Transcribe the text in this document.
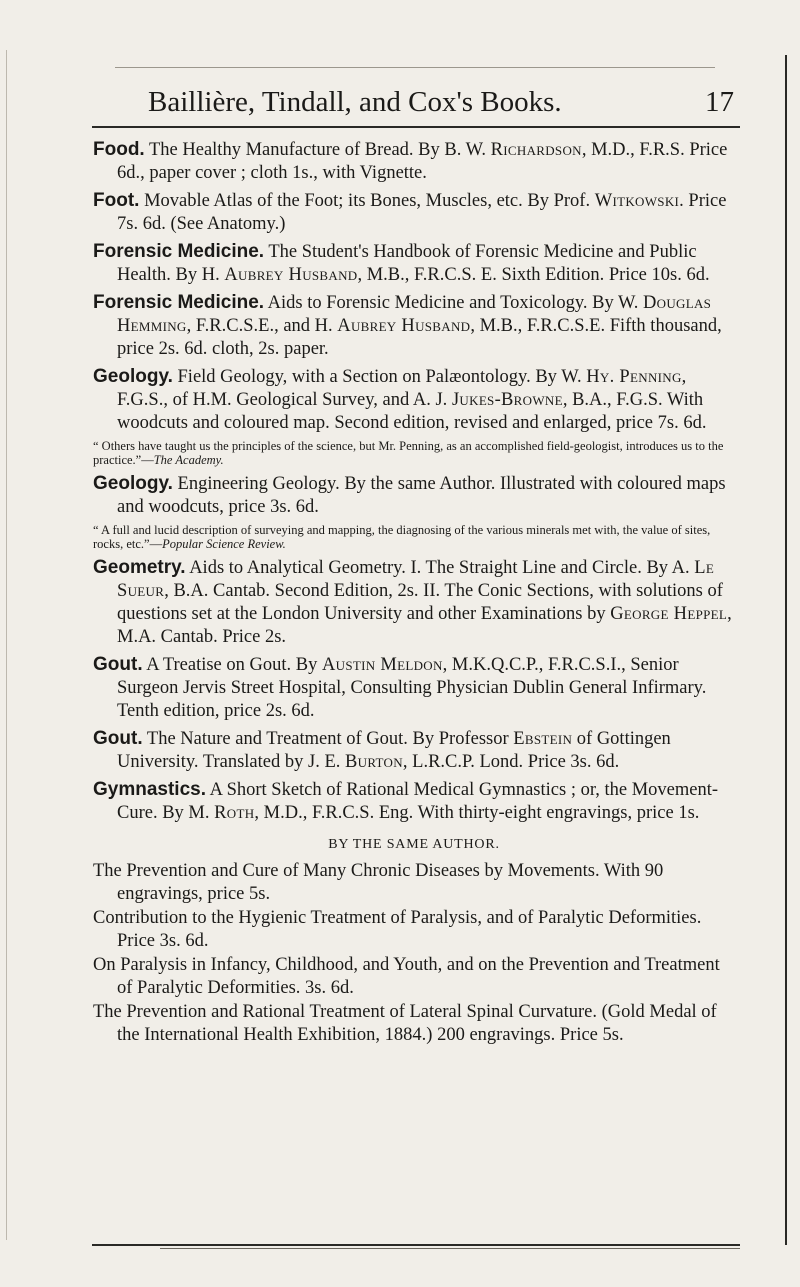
Baillière, Tindall, and Cox's Books.	17
Food. The Healthy Manufacture of Bread. By B. W. Richardson, M.D., F.R.S. Price 6d., paper cover ; cloth 1s., with Vignette.
Foot. Movable Atlas of the Foot; its Bones, Muscles, etc. By Prof. Witkowski. Price 7s. 6d. (See Anatomy.)
Forensic Medicine. The Student's Handbook of Forensic Medicine and Public Health. By H. Aubrey Husband, M.B., F.R.C.S. E. Sixth Edition. Price 10s. 6d.
Forensic Medicine. Aids to Forensic Medicine and Toxicology. By W. Douglas Hemming, F.R.C.S.E., and H. Aubrey Husband, M.B., F.R.C.S.E. Fifth thousand, price 2s. 6d. cloth, 2s. paper.
Geology. Field Geology, with a Section on Palæontology. By W. Hy. Penning, F.G.S., of H.M. Geological Survey, and A. J. Jukes-Browne, B.A., F.G.S. With woodcuts and coloured map. Second edition, revised and enlarged, price 7s. 6d.
“ Others have taught us the principles of the science, but Mr. Penning, as an accomplished field-geologist, introduces us to the practice.”—The Academy.
Geology. Engineering Geology. By the same Author. Illustrated with coloured maps and woodcuts, price 3s. 6d.
“ A full and lucid description of surveying and mapping, the diagnosing of the various minerals met with, the value of sites, rocks, etc.”—Popular Science Review.
Geometry. Aids to Analytical Geometry. I. The Straight Line and Circle. By A. Le Sueur, B.A. Cantab. Second Edition, 2s. II. The Conic Sections, with solutions of questions set at the London University and other Examinations by George Heppel, M.A. Cantab. Price 2s.
Gout. A Treatise on Gout. By Austin Meldon, M.K.Q.C.P., F.R.C.S.I., Senior Surgeon Jervis Street Hospital, Consulting Physician Dublin General Infirmary. Tenth edition, price 2s. 6d.
Gout. The Nature and Treatment of Gout. By Professor Ebstein of Gottingen University. Translated by J. E. Burton, L.R.C.P. Lond. Price 3s. 6d.
Gymnastics. A Short Sketch of Rational Medical Gymnastics ; or, the Movement-Cure. By M. Roth, M.D., F.R.C.S. Eng. With thirty-eight engravings, price 1s.
BY THE SAME AUTHOR.
The Prevention and Cure of Many Chronic Diseases by Movements. With 90 engravings, price 5s.
Contribution to the Hygienic Treatment of Paralysis, and of Paralytic Deformities. Price 3s. 6d.
On Paralysis in Infancy, Childhood, and Youth, and on the Prevention and Treatment of Paralytic Deformities. 3s. 6d.
The Prevention and Rational Treatment of Lateral Spinal Curvature. (Gold Medal of the International Health Exhibition, 1884.) 200 engravings. Price 5s.
